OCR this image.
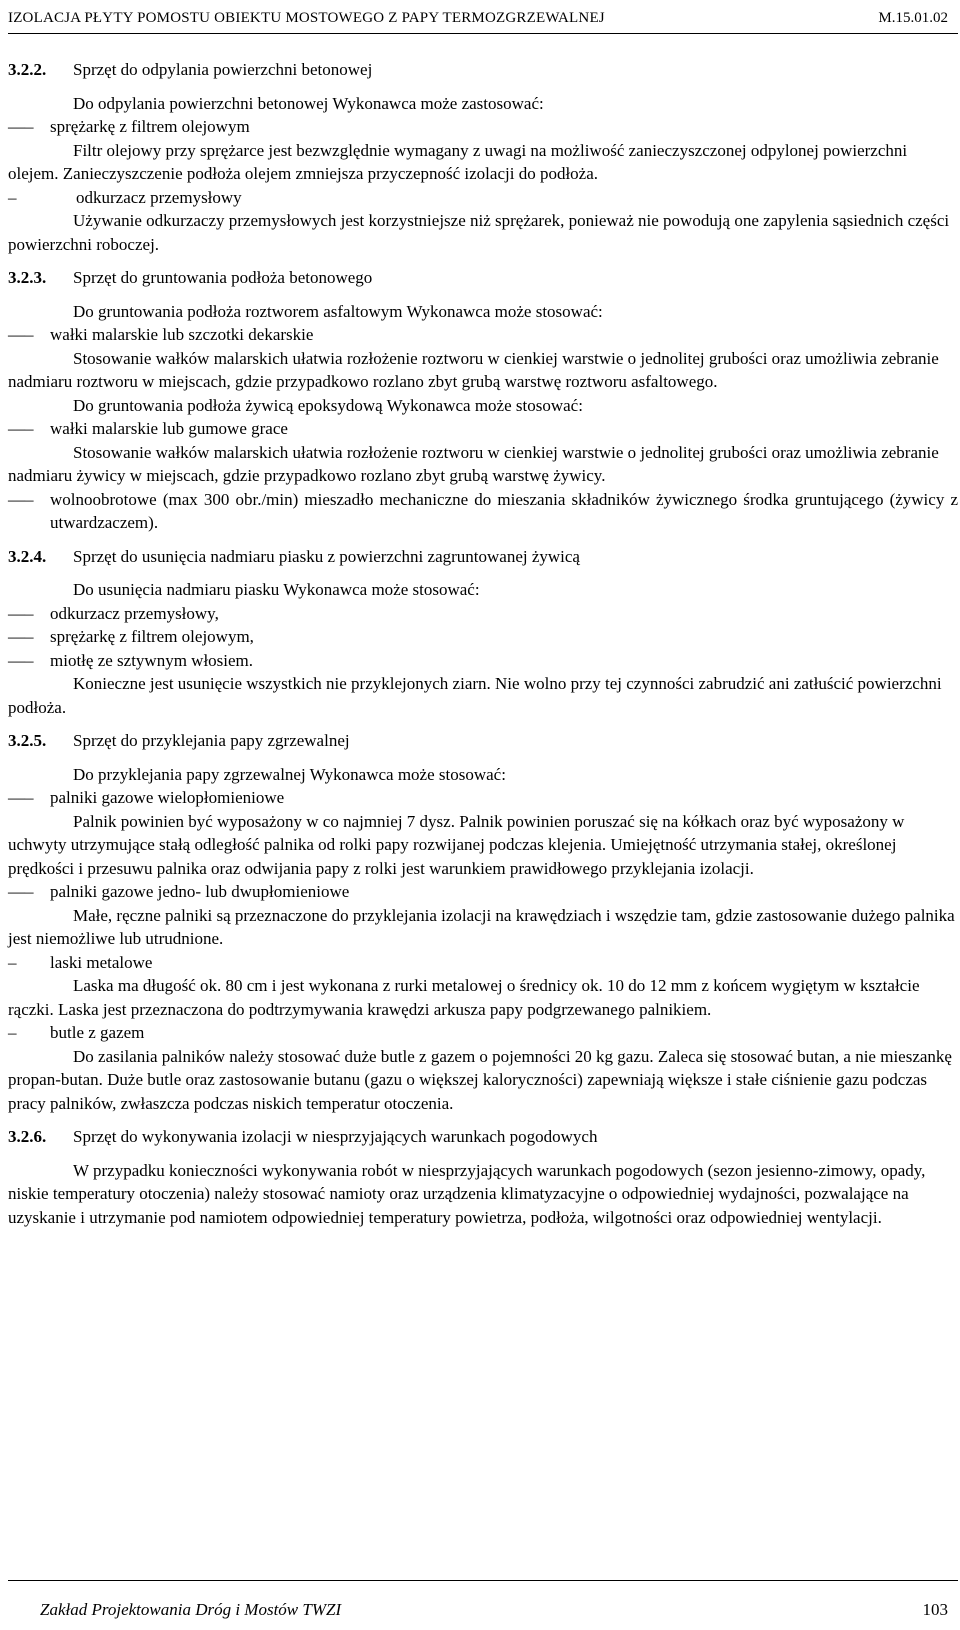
IZOLACJA PŁYTY POMOSTU OBIEKTU MOSTOWEGO Z PAPY TERMOZGRZEWALNEJ	M.15.01.02
3.2.2.	Sprzęt do odpylania powierzchni betonowej

Do odpylania powierzchni betonowej Wykonawca może zastosować:

—– sprężarkę z filtrem olejowym

Filtr olejowy przy sprężarce jest bezwzględnie wymagany z uwagi na możliwość zanieczyszczonej odpylonej powierzchni olejem. Zanieczyszczenie podłoża olejem zmniejsza przyczepność izolacji do podłoża.

– odkurzacz przemysłowy

Używanie odkurzaczy przemysłowych jest korzystniejsze niż sprężarek, ponieważ nie powodują one zapylenia sąsiednich części powierzchni roboczej.

3.2.3.	Sprzęt do gruntowania podłoża betonowego

Do gruntowania podłoża roztworem asfaltowym Wykonawca może stosować:

—– wałki malarskie lub szczotki dekarskie

Stosowanie wałków malarskich ułatwia rozłożenie roztworu w cienkiej warstwie o jednolitej grubości oraz umożliwia zebranie nadmiaru roztworu w miejscach, gdzie przypadkowo rozlano zbyt grubą warstwę roztworu asfaltowego.

Do gruntowania podłoża żywicą epoksydową Wykonawca może stosować:

—– wałki malarskie lub gumowe grace

Stosowanie wałków malarskich ułatwia rozłożenie roztworu w cienkiej warstwie o jednolitej grubości oraz umożliwia zebranie nadmiaru żywicy w miejscach, gdzie przypadkowo rozlano zbyt grubą warstwę żywicy.

—– wolnoobrotowe (max 300 obr./min) mieszadło mechaniczne do mieszania składników żywicznego środka gruntującego (żywicy z utwardzaczem).
3.2.4.	Sprzęt do usunięcia nadmiaru piasku z powierzchni zagruntowanej żywicą

Do usunięcia nadmiaru piasku Wykonawca może stosować:

—– odkurzacz przemysłowy,
—– sprężarkę z filtrem olejowym,
—– miotłę ze sztywnym włosiem.

Konieczne jest usunięcie wszystkich nie przyklejonych ziarn. Nie wolno przy tej czynności zabrudzić ani zatłuścić powierzchni podłoża.

3.2.5.	Sprzęt do przyklejania papy zgrzewalnej

Do przyklejania papy zgrzewalnej Wykonawca może stosować:

—– palniki gazowe wielopłomieniowe

Palnik powinien być wyposażony w co najmniej 7 dysz. Palnik powinien poruszać się na kółkach oraz być wyposażony w uchwyty utrzymujące stałą odległość palnika od rolki papy rozwijanej podczas klejenia. Umiejętność utrzymania stałej, określonej prędkości i przesuwu palnika oraz odwijania papy z rolki jest warunkiem prawidłowego przyklejania izolacji.

—– palniki gazowe jedno- lub dwupłomieniowe

Małe, ręczne palniki są przeznaczone do przyklejania izolacji na krawędziach i wszędzie tam, gdzie zastosowanie dużego palnika jest niemożliwe lub utrudnione.

– laski metalowe

Laska ma długość ok. 80 cm i jest wykonana z rurki metalowej o średnicy ok. 10 do 12 mm z końcem wygiętym w kształcie rączki. Laska jest przeznaczona do podtrzymywania krawędzi arkusza papy podgrzewanego palnikiem.

– butle z gazem

Do zasilania palników należy stosować duże butle z gazem o pojemności 20 kg gazu. Zaleca się stosować butan, a nie mieszankę propan-butan. Duże butle oraz zastosowanie butanu (gazu o większej kaloryczności) zapewniają większe i stałe ciśnienie gazu podczas pracy palników, zwłaszcza podczas niskich temperatur otoczenia.

3.2.6.	Sprzęt do wykonywania izolacji w niesprzyjających warunkach pogodowych

W przypadku konieczności wykonywania robót w niesprzyjających warunkach pogodowych (sezon jesienno-zimowy, opady, niskie temperatury otoczenia) należy stosować namioty oraz urządzenia klimatyzacyjne o odpowiedniej wydajności, pozwalające na uzyskanie i utrzymanie pod namiotem odpowiedniej temperatury powietrza, podłoża, wilgotności oraz odpowiedniej wentylacji.

Zakład Projektowania Dróg i Mostów TWZI	103
